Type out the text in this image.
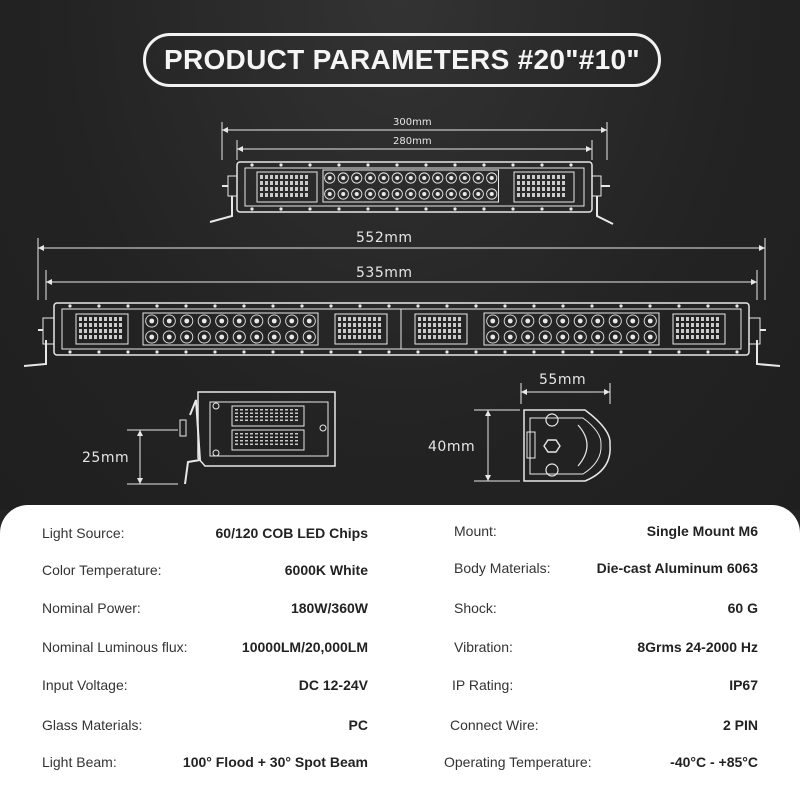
PRODUCT PARAMETERS #20"#10"
300mm
280mm
552mm
535mm
25mm
55mm
40mm
Light Source:	60/120 COB LED Chips
Color Temperature:	6000K White
Nominal Power:	180W/360W
Nominal Luminous flux:	10000LM/20,000LM
Input Voltage:	DC 12-24V
Glass Materials:	PC
Light Beam:	100° Flood + 30° Spot Beam
Mount:	Single Mount M6
Body Materials:	Die-cast Aluminum 6063
Shock:	60 G
Vibration:	8Grms 24-2000 Hz
IP Rating:	IP67
Connect Wire:	2 PIN
Operating Temperature:	-40°C - +85°C
